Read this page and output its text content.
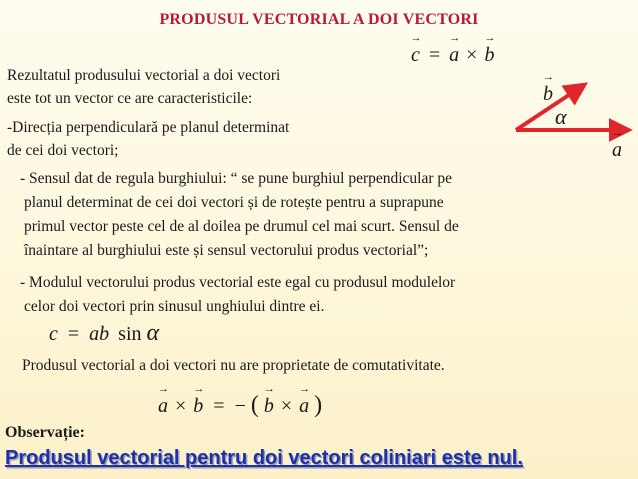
PRODUSUL VECTORIAL A DOI VECTORI
→ c = → a × → b
→ b
α
→ a
Rezultatul produsului vectorial a doi vectori
este tot un vector ce are caracteristicile:
-Direcția perpendiculară pe planul determinat
de cei doi vectori;
- Sensul dat de regula burghiului: “ se pune burghiul perpendicular pe
planul determinat de cei doi vectori și de rotește pentru a suprapune
primul vector peste cel de al doilea pe drumul cel mai scurt. Sensul de
înaintare al burghiului este și sensul vectorului produs vectorial”;
- Modulul vectorului produs vectorial este egal cu produsul modulelor
celor doi vectori prin sinusul unghiului dintre ei.
c = ab sin α
Produsul vectorial a doi vectori nu are proprietate de comutativitate.
→ a × → b = − ( → b × → a )
Observație:
Produsul vectorial pentru doi vectori coliniari este nul.
